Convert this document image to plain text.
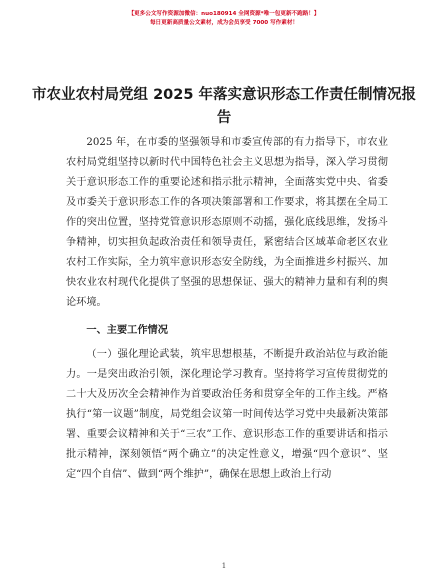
【更多公文写作资源加微信：nuo180914 全网资源*唯一包更新不跑路！】
每日更新高质量公文素材，成为会员享受 7000 写作素材！
市农业农村局党组 2025 年落实意识形态工作责任制情况报告

2025 年，在市委的坚强领导和市委宣传部的有力指导下，市农业农村局党组坚持以新时代中国特色社会主义思想为指导，深入学习贯彻关于意识形态工作的重要论述和指示批示精神，全面落实党中央、省委及市委关于意识形态工作的各项决策部署和工作要求，将其摆在全局工作的突出位置，坚持党管意识形态原则不动摇，强化底线思维，发扬斗争精神，切实担负起政治责任和领导责任，紧密结合区域革命老区农业农村工作实际，全力筑牢意识形态安全防线，为全面推进乡村振兴、加快农业农村现代化提供了坚强的思想保证、强大的精神力量和有利的舆论环境。

一、主要工作情况

（一）强化理论武装，筑牢思想根基，不断提升政治站位与政治能力。一是突出政治引领，深化理论学习教育。坚持将学习宣传贯彻党的二十大及历次全会精神作为首要政治任务和贯穿全年的工作主线。严格执行“第一议题”制度，局党组会议第一时间传达学习党中央最新决策部署、重要会议精神和关于“三农”工作、意识形态工作的重要讲话和指示批示精神，深刻领悟“两个确立”的决定性意义，增强“四个意识”、坚定“四个自信”、做到“两个维护”，确保在思想上政治上行动

1
